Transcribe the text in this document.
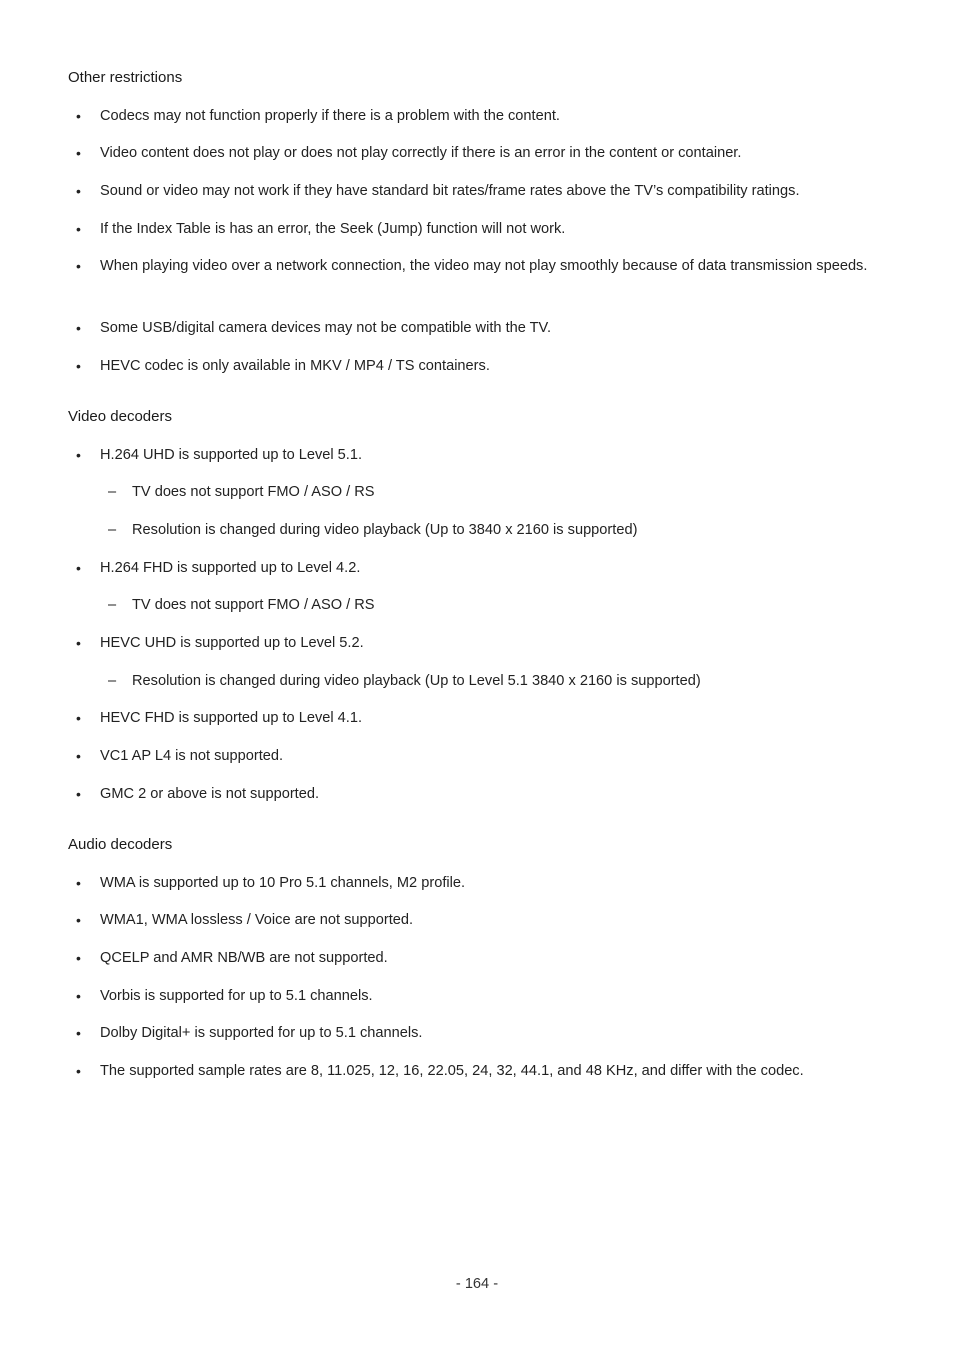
Other restrictions
•	Codecs may not function properly if there is a problem with the content.
•	Video content does not play or does not play correctly if there is an error in the content or container.
•	Sound or video may not work if they have standard bit rates/frame rates above the TV’s compatibility ratings.
•	If the Index Table is has an error, the Seek (Jump) function will not work.
•	When playing video over a network connection, the video may not play smoothly because of data transmission speeds.
•	Some USB/digital camera devices may not be compatible with the TV.
•	HEVC codec is only available in MKV / MP4 / TS containers.
Video decoders
•	H.264 UHD is supported up to Level 5.1.
–	TV does not support FMO / ASO / RS
–	Resolution is changed during video playback (Up to 3840 x 2160 is supported)
•	H.264 FHD is supported up to Level 4.2.
–	TV does not support FMO / ASO / RS
•	HEVC UHD is supported up to Level 5.2.
–	Resolution is changed during video playback (Up to Level 5.1 3840 x 2160 is supported)
•	HEVC FHD is supported up to Level 4.1.
•	VC1 AP L4 is not supported.
•	GMC 2 or above is not supported.
Audio decoders
•	WMA is supported up to 10 Pro 5.1 channels, M2 profile.
•	WMA1, WMA lossless / Voice are not supported.
•	QCELP and AMR NB/WB are not supported.
•	Vorbis is supported for up to 5.1 channels.
•	Dolby Digital+ is supported for up to 5.1 channels.
•	The supported sample rates are 8, 11.025, 12, 16, 22.05, 24, 32, 44.1, and 48 KHz, and differ with the codec.
- 164 -
